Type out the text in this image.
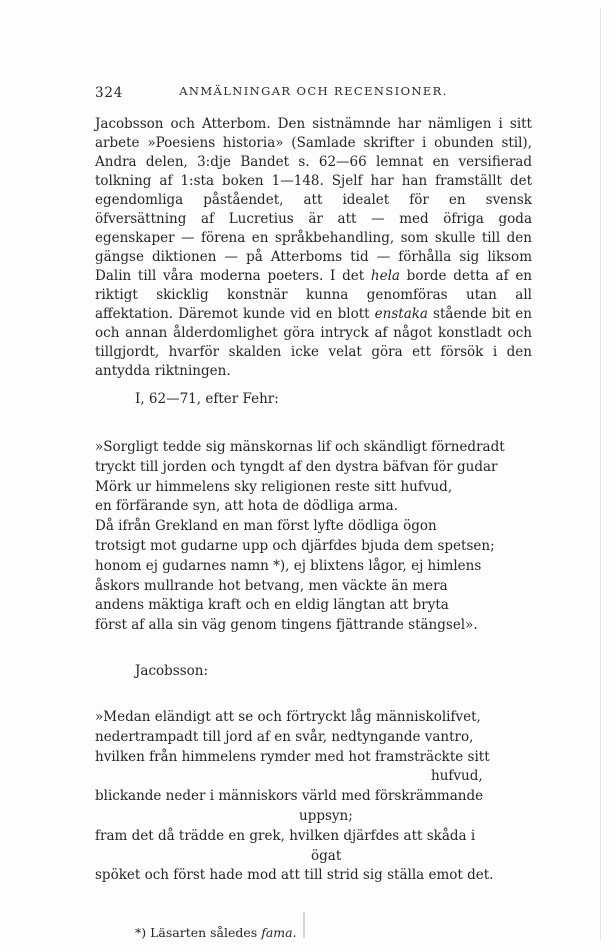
324	ANMÄLNINGAR OCH RECENSIONER.

Jacobsson och Atterbom. Den sistnämnde har nämligen i sitt arbete »Poesiens historia» (Samlade skrifter i obunden stil), Andra delen, 3:dje Bandet s. 62—66 lemnat en versifierad tolkning af 1:sta boken 1—148. Sjelf har han framställt det egendomliga påståendet, att idealet för en svensk öfversättning af Lucretius är att — med öfriga goda egenskaper — förena en språkbehandling, som skulle till den gängse diktionen — på Atterboms tid — förhålla sig liksom Dalin till våra moderna poeters. I det hela borde detta af en riktigt skicklig konstnär kunna genomföras utan all affektation. Däremot kunde vid en blott enstaka stående bit en och annan ålderdomlighet göra intryck af något konstladt och tillgjordt, hvarför skalden icke velat göra ett försök i den antydda riktningen.

I, 62—71, efter Fehr:
»Sorgligt tedde sig mänskornas lif och skändligt förnedradt
tryckt till jorden och tyngdt af den dystra bäfvan för gudar
Mörk ur himmelens sky religionen reste sitt hufvud,
en förfärande syn, att hota de dödliga arma.
Då ifrån Grekland en man först lyfte dödliga ögon
trotsigt mot gudarne upp och djärfdes bjuda dem spetsen;
honom ej gudarnes namn *), ej blixtens lågor, ej himlens
åskors mullrande hot betvang, men väckte än mera
andens mäktiga kraft och en eldig längtan att bryta
först af alla sin väg genom tingens fjättrande stängsel».
Jacobsson:
»Medan eländigt att se och förtryckt låg människolifvet,
nedertrampadt till jord af en svår, nedtyngande vantro,
hvilken från himmelens rymder med hot framsträckte sitt
hufvud,
blickande neder i människors värld med förskrämmande
uppsyn;
fram det då trädde en grek, hvilken djärfdes att skåda i
ögat
spöket och först hade mod att till strid sig ställa emot det.
*) Läsarten således fama.
